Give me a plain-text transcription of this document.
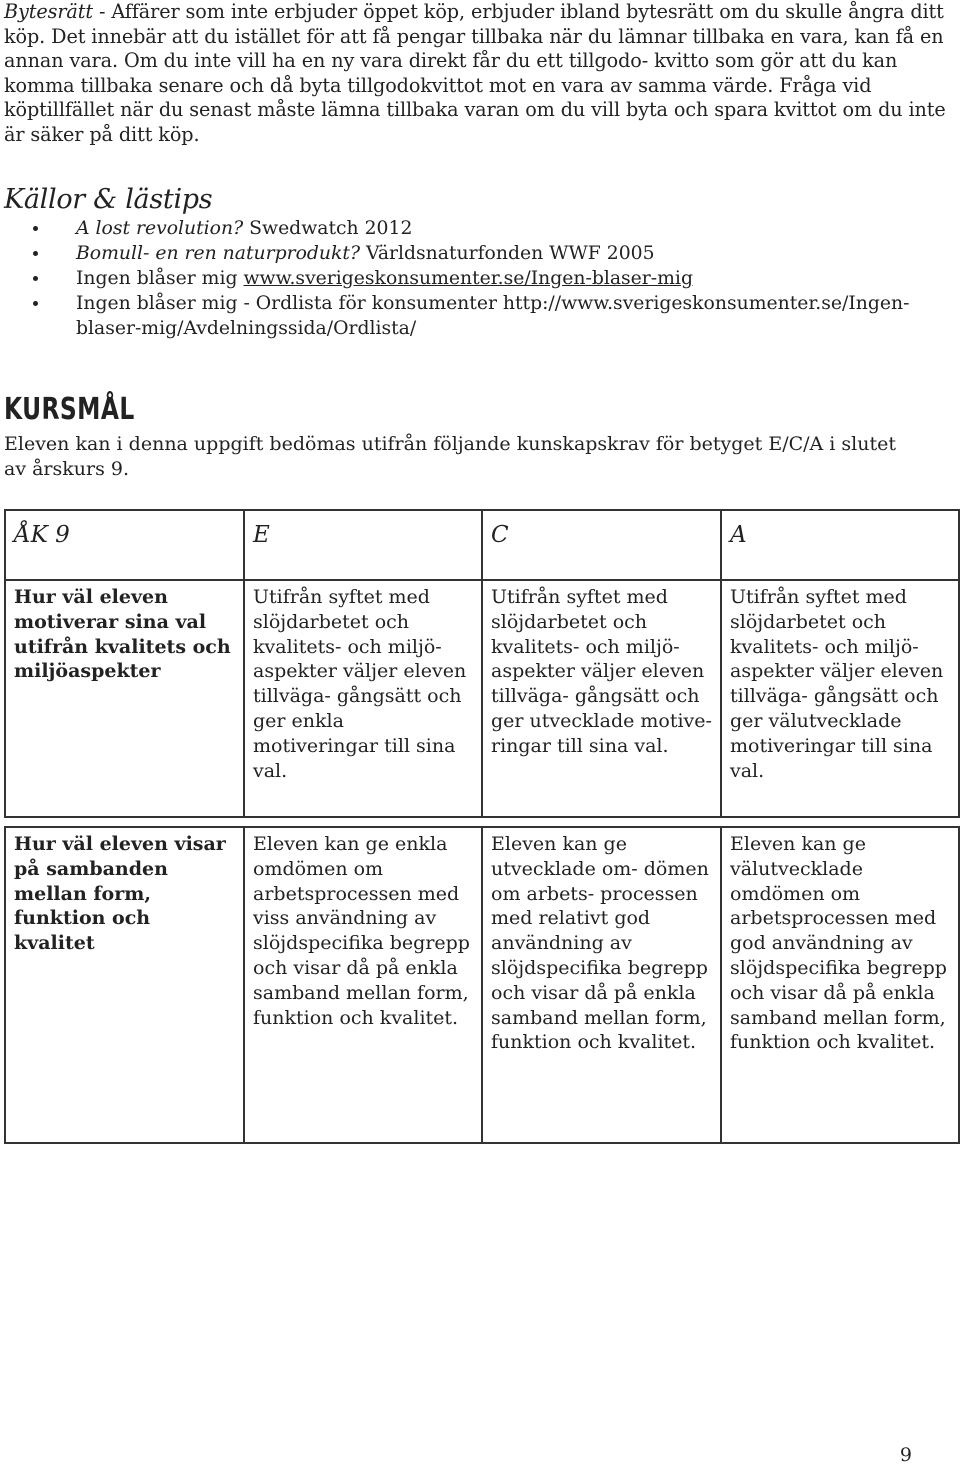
Bytesrätt - Affärer som inte erbjuder öppet köp, erbjuder ibland bytesrätt om du skulle ångra ditt köp. Det innebär att du istället för att få pengar tillbaka när du lämnar tillbaka en vara, kan få en annan vara. Om du inte vill ha en ny vara direkt får du ett tillgodo- kvitto som gör att du kan komma tillbaka senare och då byta tillgodokvittot mot en vara av samma värde. Fråga vid köptillfället när du senast måste lämna tillbaka varan om du vill byta och spara kvittot om du inte är säker på ditt köp.

Källor & lästips
A lost revolution? Swedwatch 2012
Bomull- en ren naturprodukt? Världsnaturfonden WWF 2005
Ingen blåser mig www.sverigeskonsumenter.se/Ingen-blaser-mig
Ingen blåser mig - Ordlista för konsumenter http://www.sverigeskonsumenter.se/Ingen-blaser-mig/Avdelningssida/Ordlista/
KURSMÅL

Eleven kan i denna uppgift bedömas utifrån följande kunskapskrav för betyget E/C/A i slutet av årskurs 9.

ÅK 9	E	C	A
Hur väl eleven motiverar sina val utifrån kvalitets och miljöaspekter	Utifrån syftet med slöjdarbetet och kvalitets- och miljö- aspekter väljer eleven tillväga- gångsätt och ger enkla motiveringar till sina val.	Utifrån syftet med slöjdarbetet och kvalitets- och miljö- aspekter väljer eleven tillväga- gångsätt och ger utvecklade motive- ringar till sina val.	Utifrån syftet med slöjdarbetet och kvalitets- och miljö- aspekter väljer eleven tillväga- gångsätt och ger välutvecklade motiveringar till sina val.

Hur väl eleven visar på sambanden mellan form, funktion och kvalitet	Eleven kan ge enkla omdömen om arbetsprocessen med viss användning av slöjdspecifika begrepp och visar då på enkla samband mellan form, funktion och kvalitet.	Eleven kan ge utvecklade om- dömen om arbets- processen med relativt god användning av slöjdspecifika begrepp och visar då på enkla samband mellan form, funktion och kvalitet.	Eleven kan ge välutvecklade omdömen om arbetsprocessen med god användning av slöjdspecifika begrepp och visar då på enkla samband mellan form, funktion och kvalitet.

9
